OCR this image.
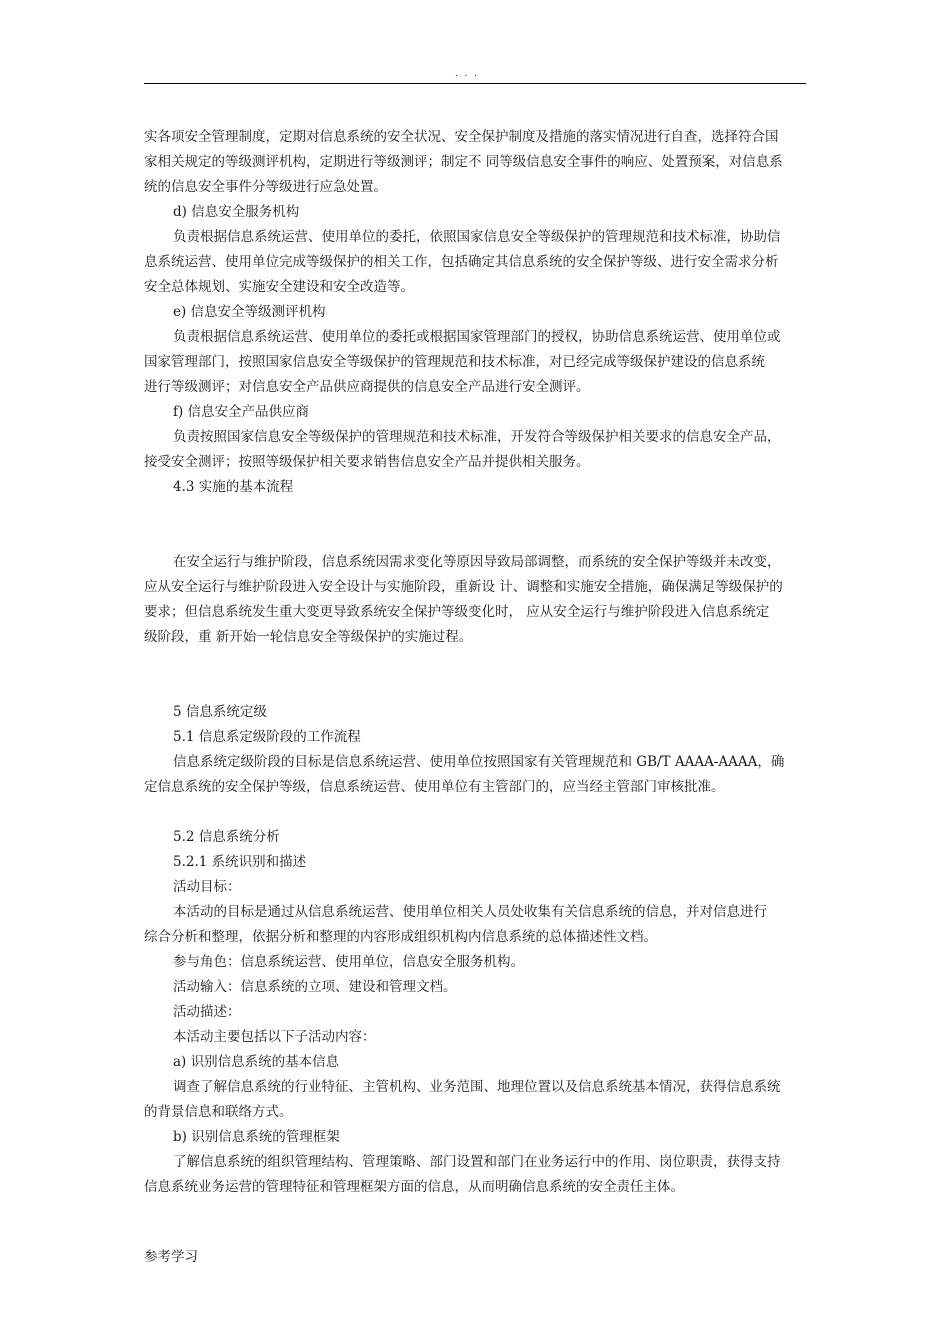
. . .
实各项安全管理制度，定期对信息系统的安全状况、安全保护制度及措施的落实情况进行自查，选择符合国
家相关规定的等级测评机构，定期进行等级测评；制定不 同等级信息安全事件的响应、处置预案，对信息系
统的信息安全事件分等级进行应急处置。
d) 信息安全服务机构
负责根据信息系统运营、使用单位的委托，依照国家信息安全等级保护的管理规范和技术标准，协助信
息系统运营、使用单位完成等级保护的相关工作，包括确定其信息系统的安全保护等级、进行安全需求分析
安全总体规划、实施安全建设和安全改造等。
e) 信息安全等级测评机构
负责根据信息系统运营、使用单位的委托或根据国家管理部门的授权，协助信息系统运营、使用单位或
国家管理部门，按照国家信息安全等级保护的管理规范和技术标准，对已经完成等级保护建设的信息系统
进行等级测评；对信息安全产品供应商提供的信息安全产品进行安全测评。
f) 信息安全产品供应商
负责按照国家信息安全等级保护的管理规范和技术标准，开发符合等级保护相关要求的信息安全产品，
接受安全测评；按照等级保护相关要求销售信息安全产品并提供相关服务。
4.3 实施的基本流程
在安全运行与维护阶段，信息系统因需求变化等原因导致局部调整，而系统的安全保护等级并未改变，
应从安全运行与维护阶段进入安全设计与实施阶段，重新设 计、调整和实施安全措施，确保满足等级保护的
要求；但信息系统发生重大变更导致系统安全保护等级变化时， 应从安全运行与维护阶段进入信息系统定
级阶段，重 新开始一轮信息安全等级保护的实施过程。
5 信息系统定级
5.1 信息系定级阶段的工作流程
信息系统定级阶段的目标是信息系统运营、使用单位按照国家有关管理规范和 GB/T AAAA-AAAA，确
定信息系统的安全保护等级，信息系统运营、使用单位有主管部门的，应当经主管部门审核批准。
5.2 信息系统分析
5.2.1 系统识别和描述
活动目标：
本活动的目标是通过从信息系统运营、使用单位相关人员处收集有关信息系统的信息，并对信息进行
综合分析和整理，依据分析和整理的内容形成组织机构内信息系统的总体描述性文档。
参与角色：信息系统运营、使用单位，信息安全服务机构。
活动输入：信息系统的立项、建设和管理文档。
活动描述：
本活动主要包括以下子活动内容：
a) 识别信息系统的基本信息
调查了解信息系统的行业特征、主管机构、业务范围、地理位置以及信息系统基本情况，获得信息系统
的背景信息和联络方式。
b) 识别信息系统的管理框架
了解信息系统的组织管理结构、管理策略、部门设置和部门在业务运行中的作用、岗位职责，获得支持
信息系统业务运营的管理特征和管理框架方面的信息，从而明确信息系统的安全责任主体。
参考学习
